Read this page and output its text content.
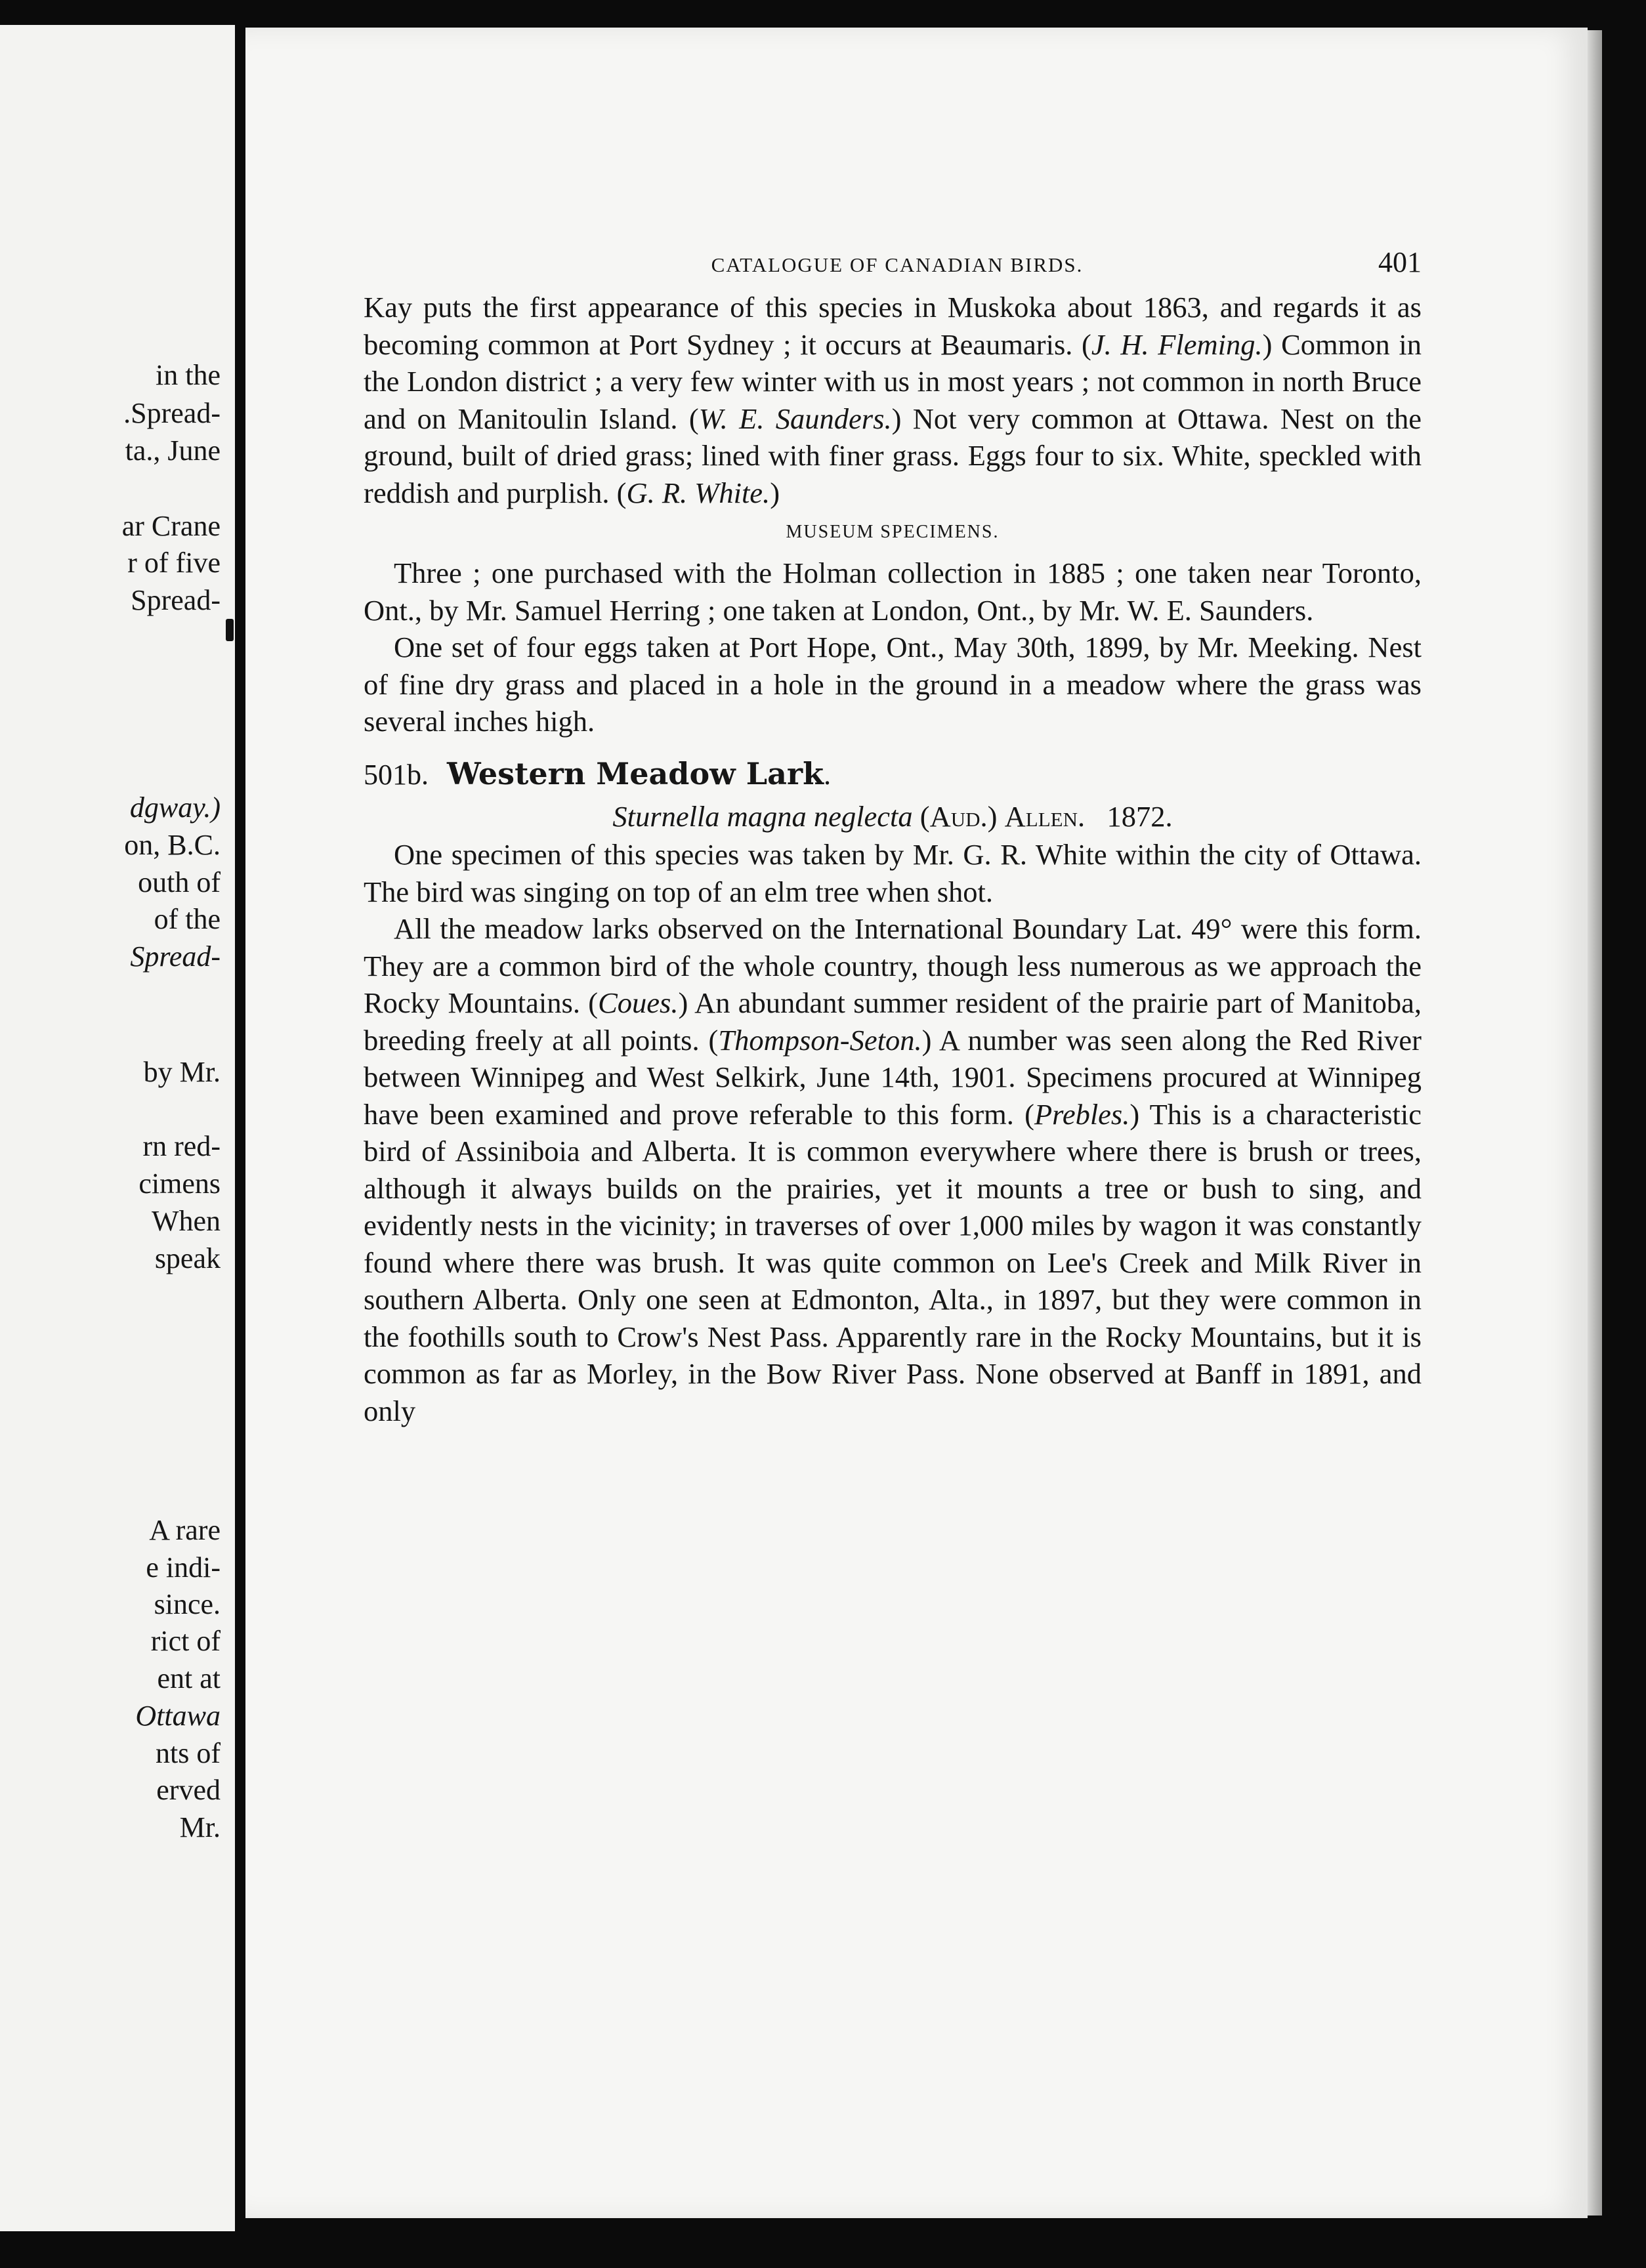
in the
.Spread-
ta., June
ar Crane
r of five
Spread-
dgway.)
on, B.C.
outh of
of the
Spread-
by Mr.
rn red-
cimens
When
speak
A rare
e indi-
since.
rict of
ent at
Ottawa
nts of
erved
Mr.
CATALOGUE OF CANADIAN BIRDS.	401

Kay puts the first appearance of this species in Muskoka about 1863, and regards it as becoming common at Port Sydney ; it occurs at Beaumaris. (J. H. Fleming.) Common in the London district ; a very few winter with us in most years ; not common in north Bruce and on Manitoulin Island. (W. E. Saunders.) Not very common at Ottawa. Nest on the ground, built of dried grass; lined with finer grass. Eggs four to six. White, speckled with reddish and purplish. (G. R. White.)

MUSEUM SPECIMENS.

Three ; one purchased with the Holman collection in 1885 ; one taken near Toronto, Ont., by Mr. Samuel Herring ; one taken at London, Ont., by Mr. W. E. Saunders.

One set of four eggs taken at Port Hope, Ont., May 30th, 1899, by Mr. Meeking. Nest of fine dry grass and placed in a hole in the ground in a meadow where the grass was several inches high.

501b. Western Meadow Lark.
Sturnella magna neglecta (Aud.) Allen. 1872.

One specimen of this species was taken by Mr. G. R. White within the city of Ottawa. The bird was singing on top of an elm tree when shot.

All the meadow larks observed on the International Boundary Lat. 49° were this form. They are a common bird of the whole country, though less numerous as we approach the Rocky Mountains. (Coues.) An abundant summer resident of the prairie part of Manitoba, breeding freely at all points. (Thompson-Seton.) A number was seen along the Red River between Winnipeg and West Selkirk, June 14th, 1901. Specimens procured at Winnipeg have been examined and prove referable to this form. (Prebles.) This is a characteristic bird of Assiniboia and Alberta. It is common everywhere where there is brush or trees, although it always builds on the prairies, yet it mounts a tree or bush to sing, and evidently nests in the vicinity; in traverses of over 1,000 miles by wagon it was constantly found where there was brush. It was quite common on Lee's Creek and Milk River in southern Alberta. Only one seen at Edmonton, Alta., in 1897, but they were common in the foothills south to Crow's Nest Pass. Apparently rare in the Rocky Mountains, but it is common as far as Morley, in the Bow River Pass. None observed at Banff in 1891, and only
